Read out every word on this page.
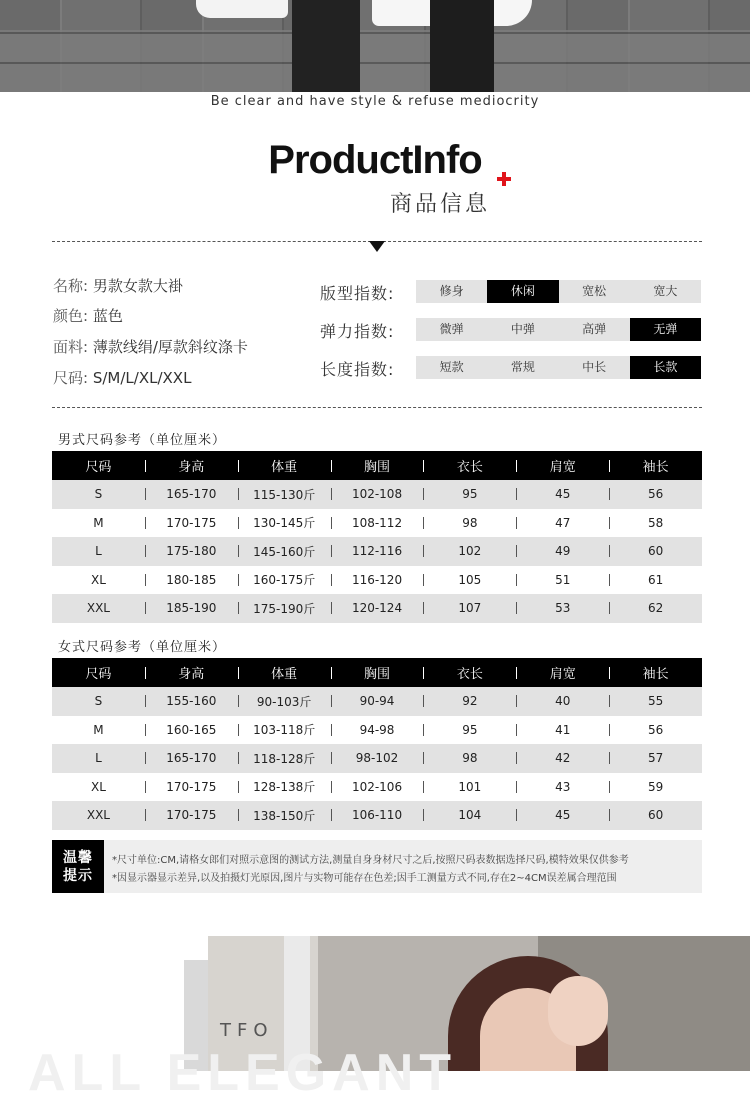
Be clear and have style & refuse mediocrity
ProductInfo
商品信息
名称: 男款女款大褂
颜色: 蓝色
面料: 薄款线绢/厚款斜纹涤卡
尺码: S/M/L/XL/XXL
版型指数:	修身	休闲	宽松	宽大
弹力指数:	微弹	中弹	高弹	无弹
长度指数:	短款	常规	中长	长款
男式尺码参考（单位厘米）
尺码	身高	体重	胸围	衣长	肩宽	袖长
S	165-170	115-130斤	102-108	95	45	56
M	170-175	130-145斤	108-112	98	47	58
L	175-180	145-160斤	112-116	102	49	60
XL	180-185	160-175斤	116-120	105	51	61
XXL	185-190	175-190斤	120-124	107	53	62
女式尺码参考（单位厘米）
尺码	身高	体重	胸围	衣长	肩宽	袖长
S	155-160	90-103斤	90-94	92	40	55
M	160-165	103-118斤	94-98	95	41	56
L	165-170	118-128斤	98-102	98	42	57
XL	170-175	128-138斤	102-106	101	43	59
XXL	170-175	138-150斤	106-110	104	45	60
温馨
提示
*尺寸单位:CM,请格女郎们对照示意图的测试方法,测量自身身材尺寸之后,按照尺码表数据选择尺码,模特效果仅供参考
*因显示器显示差异,以及拍摄灯光原因,图片与实物可能存在色差;因手工测量方式不同,存在2~4CM误差属合理范围
TFO
ALL ELEGANT
